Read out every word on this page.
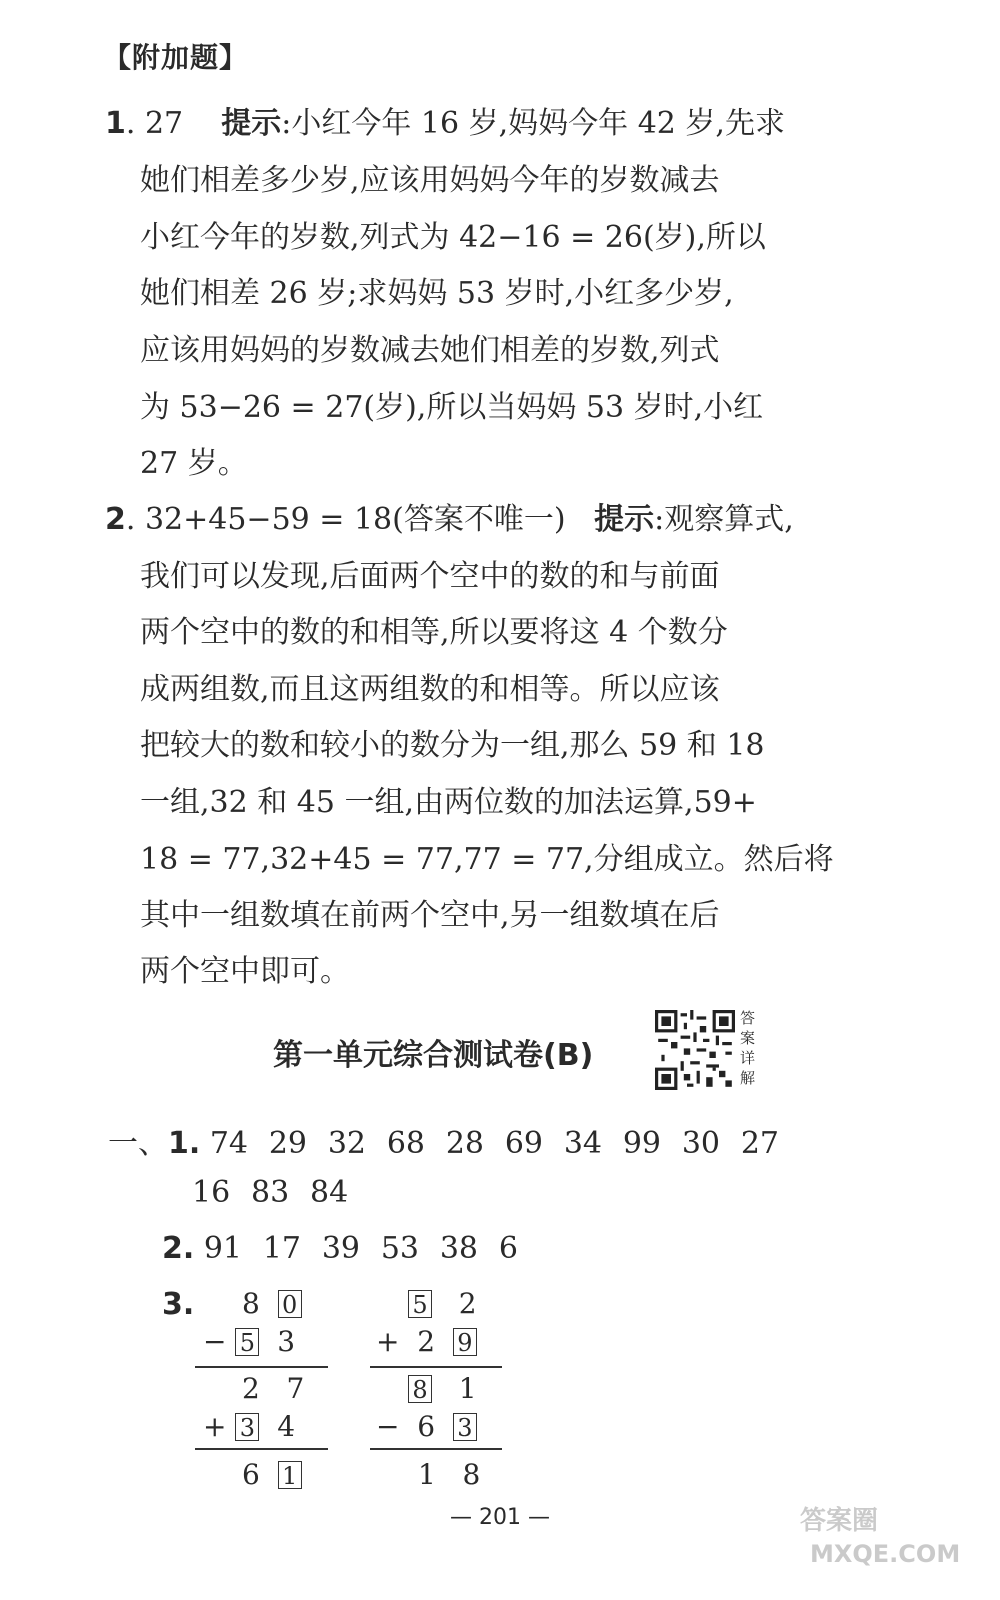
【附加题】
1. 27 提示:小红今年 16 岁,妈妈今年 42 岁,先求
她们相差多少岁,应该用妈妈今年的岁数减去
小红今年的岁数,列式为 42−16 = 26(岁),所以
她们相差 26 岁;求妈妈 53 岁时,小红多少岁,
应该用妈妈的岁数减去她们相差的岁数,列式
为 53−26 = 27(岁),所以当妈妈 53 岁时,小红
27 岁。
2. 32+45−59 = 18(答案不唯一) 提示:观察算式,
我们可以发现,后面两个空中的数的和与前面
两个空中的数的和相等,所以要将这 4 个数分
成两组数,而且这两组数的和相等。所以应该
把较大的数和较小的数分为一组,那么 59 和 18
一组,32 和 45 一组,由两位数的加法运算,59+
18 = 77,32+45 = 77,77 = 77,分组成立。然后将
其中一组数填在前两个空中,另一组数填在后
两个空中即可。
第一单元综合测试卷(B)
答
案
详
解
一、1. 74 29 32 68 28 69 34 99 30 27
16 83 84
2. 91 17 39 53 38 6
3. 8 0
− 5 3
2 7
+ 3 4
6 1
5 2
+ 2 9
8 1
− 6 3
1 8
— 201 —	答案圈
MXQE.COM
